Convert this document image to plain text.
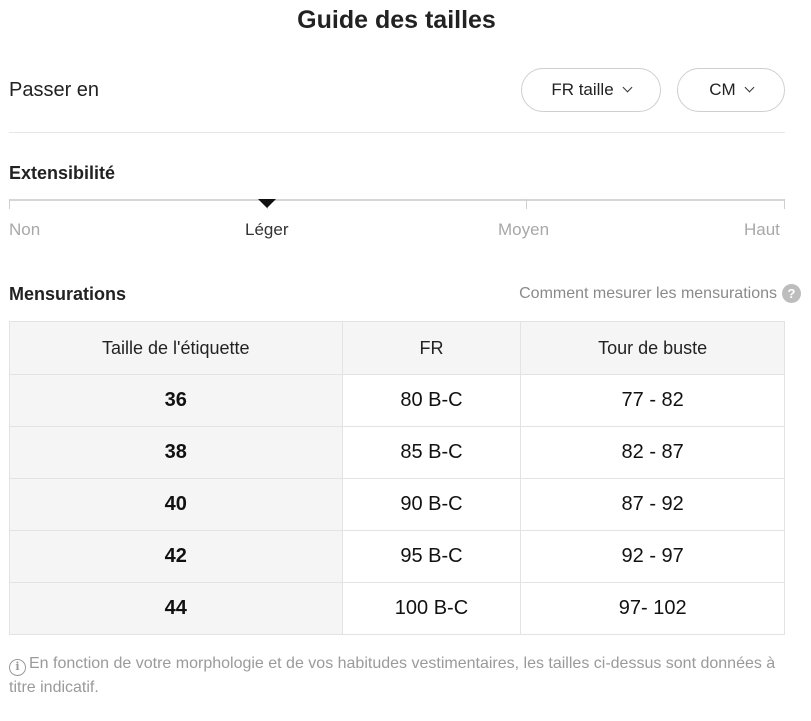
Guide des tailles
Passer en	FR taille	CM
Extensibilité
Non	Léger	Moyen	Haut
Mensurations	Comment mesurer les mensurations ?
Taille de l'étiquette	FR	Tour de buste
36	80 B-C	77 - 82
38	85 B-C	82 - 87
40	90 B-C	87 - 92
42	95 B-C	92 - 97
44	100 B-C	97- 102
i En fonction de votre morphologie et de vos habitudes vestimentaires, les tailles ci-dessus sont données à titre indicatif.
